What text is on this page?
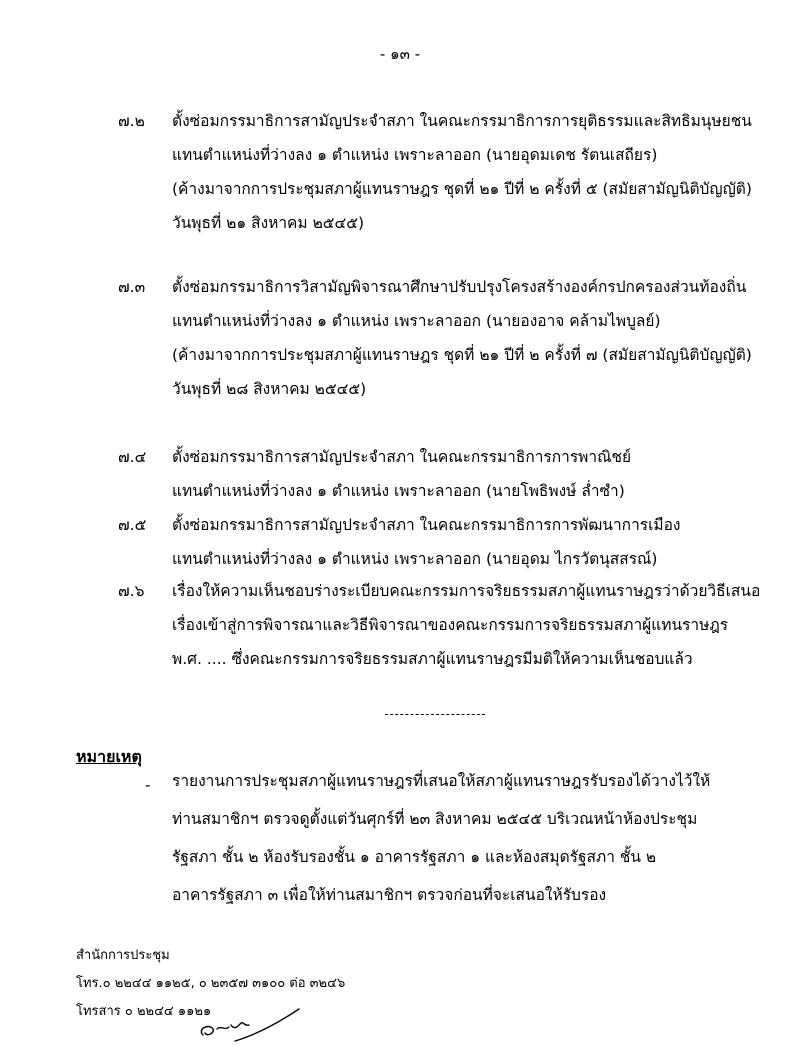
- ๑๓ -
๗.๒ ตั้งซ่อมกรรมาธิการสามัญประจำสภา ในคณะกรรมาธิการการยุติธรรมและสิทธิมนุษยชน
แทนตำแหน่งที่ว่างลง ๑ ตำแหน่ง เพราะลาออก (นายอุดมเดช รัตนเสถียร)
(ค้างมาจากการประชุมสภาผู้แทนราษฎร ชุดที่ ๒๑ ปีที่ ๒ ครั้งที่ ๕ (สมัยสามัญนิติบัญญัติ)
วันพุธที่ ๒๑ สิงหาคม ๒๕๔๕)
๗.๓ ตั้งซ่อมกรรมาธิการวิสามัญพิจารณาศึกษาปรับปรุงโครงสร้างองค์กรปกครองส่วนท้องถิ่น
แทนตำแหน่งที่ว่างลง ๑ ตำแหน่ง เพราะลาออก (นายองอาจ คล้ามไพบูลย์)
(ค้างมาจากการประชุมสภาผู้แทนราษฎร ชุดที่ ๒๑ ปีที่ ๒ ครั้งที่ ๗ (สมัยสามัญนิติบัญญัติ)
วันพุธที่ ๒๘ สิงหาคม ๒๕๔๕)
๗.๔ ตั้งซ่อมกรรมาธิการสามัญประจำสภา ในคณะกรรมาธิการการพาณิชย์
แทนตำแหน่งที่ว่างลง ๑ ตำแหน่ง เพราะลาออก (นายโพธิพงษ์ ล่ำซำ)
๗.๕ ตั้งซ่อมกรรมาธิการสามัญประจำสภา ในคณะกรรมาธิการการพัฒนาการเมือง
แทนตำแหน่งที่ว่างลง ๑ ตำแหน่ง เพราะลาออก (นายอุดม ไกรวัตนุสสรณ์)
๗.๖ เรื่องให้ความเห็นชอบร่างระเบียบคณะกรรมการจริยธรรมสภาผู้แทนราษฎรว่าด้วยวิธีเสนอ
เรื่องเข้าสู่การพิจารณาและวิธีพิจารณาของคณะกรรมการจริยธรรมสภาผู้แทนราษฎร
พ.ศ. .... ซึ่งคณะกรรมการจริยธรรมสภาผู้แทนราษฎรมีมติให้ความเห็นชอบแล้ว
หมายเหตุ
- รายงานการประชุมสภาผู้แทนราษฎรที่เสนอให้สภาผู้แทนราษฎรรับรองได้วางไว้ให้
ท่านสมาชิกฯ ตรวจดูตั้งแต่วันศุกร์ที่ ๒๓ สิงหาคม ๒๕๔๕ บริเวณหน้าห้องประชุม
รัฐสภา ชั้น ๒ ห้องรับรองชั้น ๑ อาคารรัฐสภา ๑ และห้องสมุดรัฐสภา ชั้น ๒
อาคารรัฐสภา ๓ เพื่อให้ท่านสมาชิกฯ ตรวจก่อนที่จะเสนอให้รับรอง
สำนักการประชุม
โทร.๐ ๒๒๔๔ ๑๑๒๕, ๐ ๒๓๕๗ ๓๑๐๐ ต่อ ๓๒๔๖
โทรสาร ๐ ๒๒๔๔ ๑๑๒๑
